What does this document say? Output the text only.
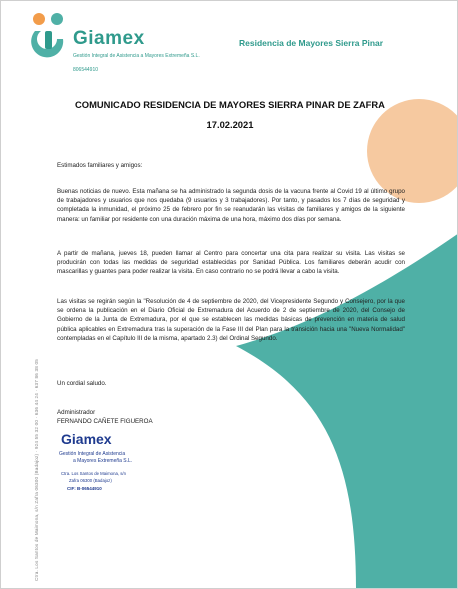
Giamex
Gestión Integral de Asistencia a Mayores Extremeña S.L.
806544910
Residencia de Mayores Sierra Pinar
COMUNICADO RESIDENCIA DE MAYORES SIERRA PINAR DE ZAFRA
17.02.2021
Estimados familiares y amigos:
Buenas noticias de nuevo. Esta mañana se ha administrado la segunda dosis de la vacuna frente al Covid 19 al último grupo de trabajadores y usuarios que nos quedaba (9 usuarios y 3 trabajadores). Por tanto, y pasados los 7 días de seguridad y completada la inmunidad, el próximo 25 de febrero por fin se reanudarán las visitas de familiares y amigos de la siguiente manera: un familiar por residente con una duración máxima de una hora, máximo dos días por semana.
A partir de mañana, jueves 18, pueden llamar al Centro para concertar una cita para realizar su visita. Las visitas se producirán con todas las medidas de seguridad establecidas por Sanidad Pública. Los familiares deberán acudir con mascarillas y guantes para poder realizar la visita. En caso contrario no se podrá llevar a cabo la visita.
Las visitas se regirán según la "Resolución de 4 de septiembre de 2020, del Vicepresidente Segundo y Consejero, por la que se ordena la publicación en el Diario Oficial de Extremadura del Acuerdo de 2 de septiembre de 2020, del Consejo de Gobierno de la Junta de Extremadura, por el que se establecen las medidas básicas de prevención en materia de salud pública aplicables en Extremadura tras la superación de la Fase III del Plan para la transición hacia una "Nueva Normalidad" contempladas en el Capítulo III de la misma, apartado 2.3) del Ordinal Segundo.
Un cordial saludo.
Administrador
FERNANDO CAÑETE FIGUEROA
Giamex
Gestión Integral de Asistencia
a Mayores Extremeña S.L.
Ctra. Los Santos de Maimona, s/n
Zafra 06300 (Badajoz)
CIF: B-06544910
Ctra. Los Santos de Maimona, s/n Zafra 06300 (Badajoz) · 924 55 32 00 · 636 44 24 · 637 86 38 05
